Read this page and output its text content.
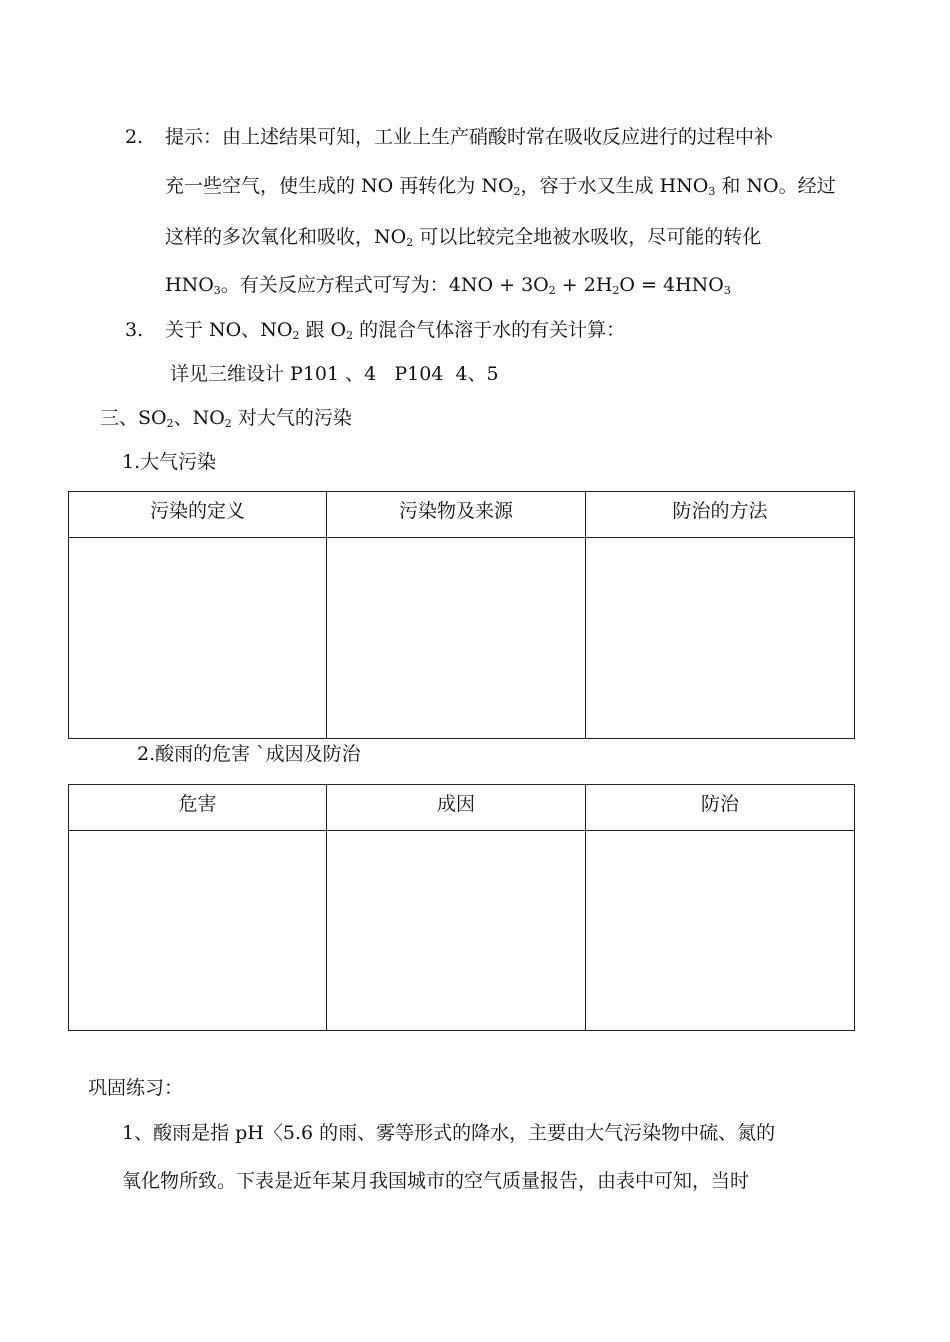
2. 提示：由上述结果可知，工业上生产硝酸时常在吸收反应进行的过程中补
充一些空气，使生成的 NO 再转化为 $NO_2$，容于水又生成 $HNO_3$ 和 NO。经过
这样的多次氧化和吸收，$NO_2$ 可以比较完全地被水吸收，尽可能的转化
$HNO_3$。有关反应方程式可写为：$4NO + 3O_2 + 2H_2O = 4HNO_3$
3. 关于 NO、$NO_2$ 跟 $O_2$ 的混合气体溶于水的有关计算：
详见三维设计 P101 、4   P104  4、5
三、$SO_2$、$NO_2$ 对大气的污染
1.大气污染
污染的定义	污染物及来源	防治的方法

2.酸雨的危害 `成因及防治
危害	成因	防治

巩固练习：
1、酸雨是指 pH〈5.6 的雨、雾等形式的降水，主要由大气污染物中硫、氮的
氧化物所致。下表是近年某月我国城市的空气质量报告，由表中可知，当时
